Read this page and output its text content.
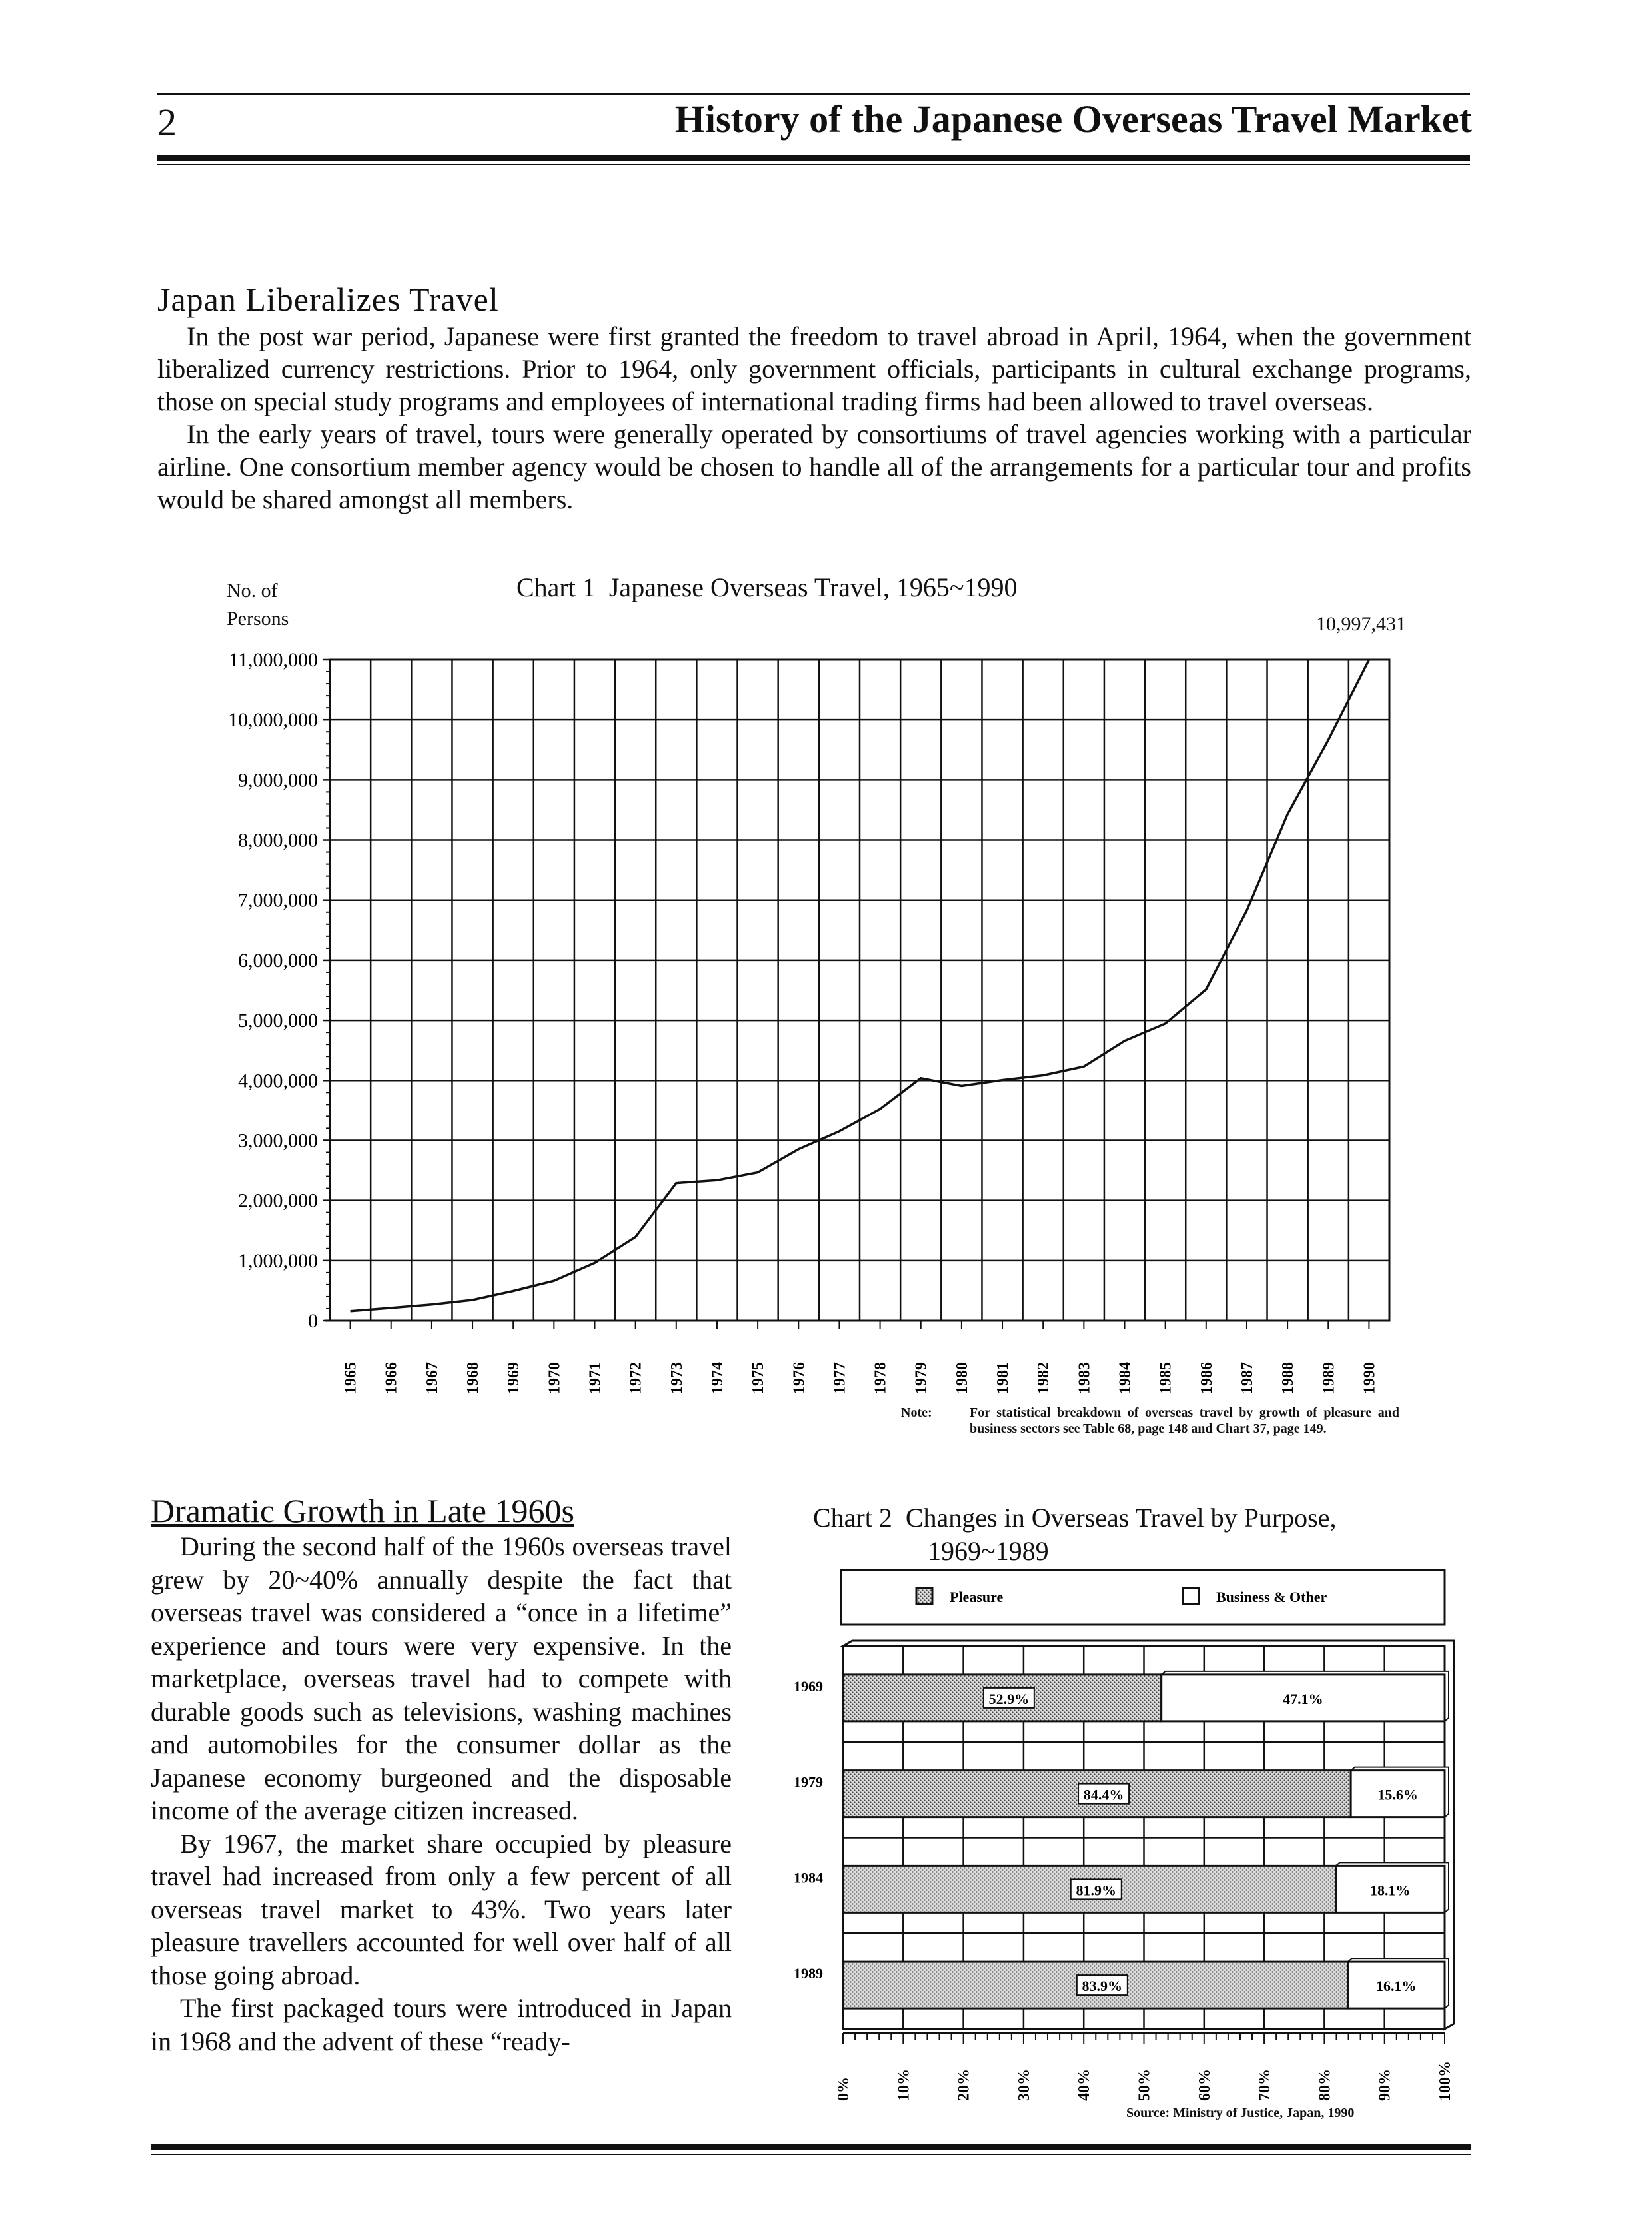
2	History of the Japanese Overseas Travel Market
Japan Liberalizes Travel

In the post war period, Japanese were first granted the freedom to travel abroad in April, 1964, when the government liberalized currency restrictions. Prior to 1964, only government officials, participants in cultural exchange programs, those on special study programs and employees of international trading firms had been allowed to travel overseas.

In the early years of travel, tours were generally operated by consortiums of travel agencies working with a particular airline. One consortium member agency would be chosen to handle all of the arrangements for a particular tour and profits would be shared amongst all members.

No. of
Persons
Chart 1  Japanese Overseas Travel, 1965~1990
10,997,431
0
1,000,000
2,000,000
3,000,000
4,000,000
5,000,000
6,000,000
7,000,000
8,000,000
9,000,000
10,000,000
11,000,000
1965 1966 1967 1968 1969 1970 1971 1972 1973 1974 1975 1976 1977 1978 1979 1980 1981 1982 1983 1984 1985 1986 1987 1988 1989 1990
Note:	For statistical breakdown of overseas travel by growth of pleasure and business sectors see Table 68, page 148 and Chart 37, page 149.
Dramatic Growth in Late 1960s

During the second half of the 1960s overseas travel grew by 20~40% annually despite the fact that overseas travel was considered a “once in a lifetime” experience and tours were very expensive. In the marketplace, overseas travel had to compete with durable goods such as televisions, washing machines and automobiles for the consumer dollar as the Japanese economy burgeoned and the disposable income of the average citizen increased.

By 1967, the market share occupied by pleasure travel had increased from only a few percent of all overseas travel market to 43%. Two years later pleasure travellers accounted for well over half of all those going abroad.

The first packaged tours were introduced in Japan in 1968 and the advent of these “ready-

Chart 2  Changes in Overseas Travel by Purpose,
1969~1989
Pleasure	Business & Other
52.9%	47.1%
1969
84.4%	15.6%
1979
81.9%	18.1%
1984
83.9%	16.1%
1989
0%	10%	20%	30%	40%	50%	60%	70%	80%	90%	100%
Source: Ministry of Justice, Japan, 1990
